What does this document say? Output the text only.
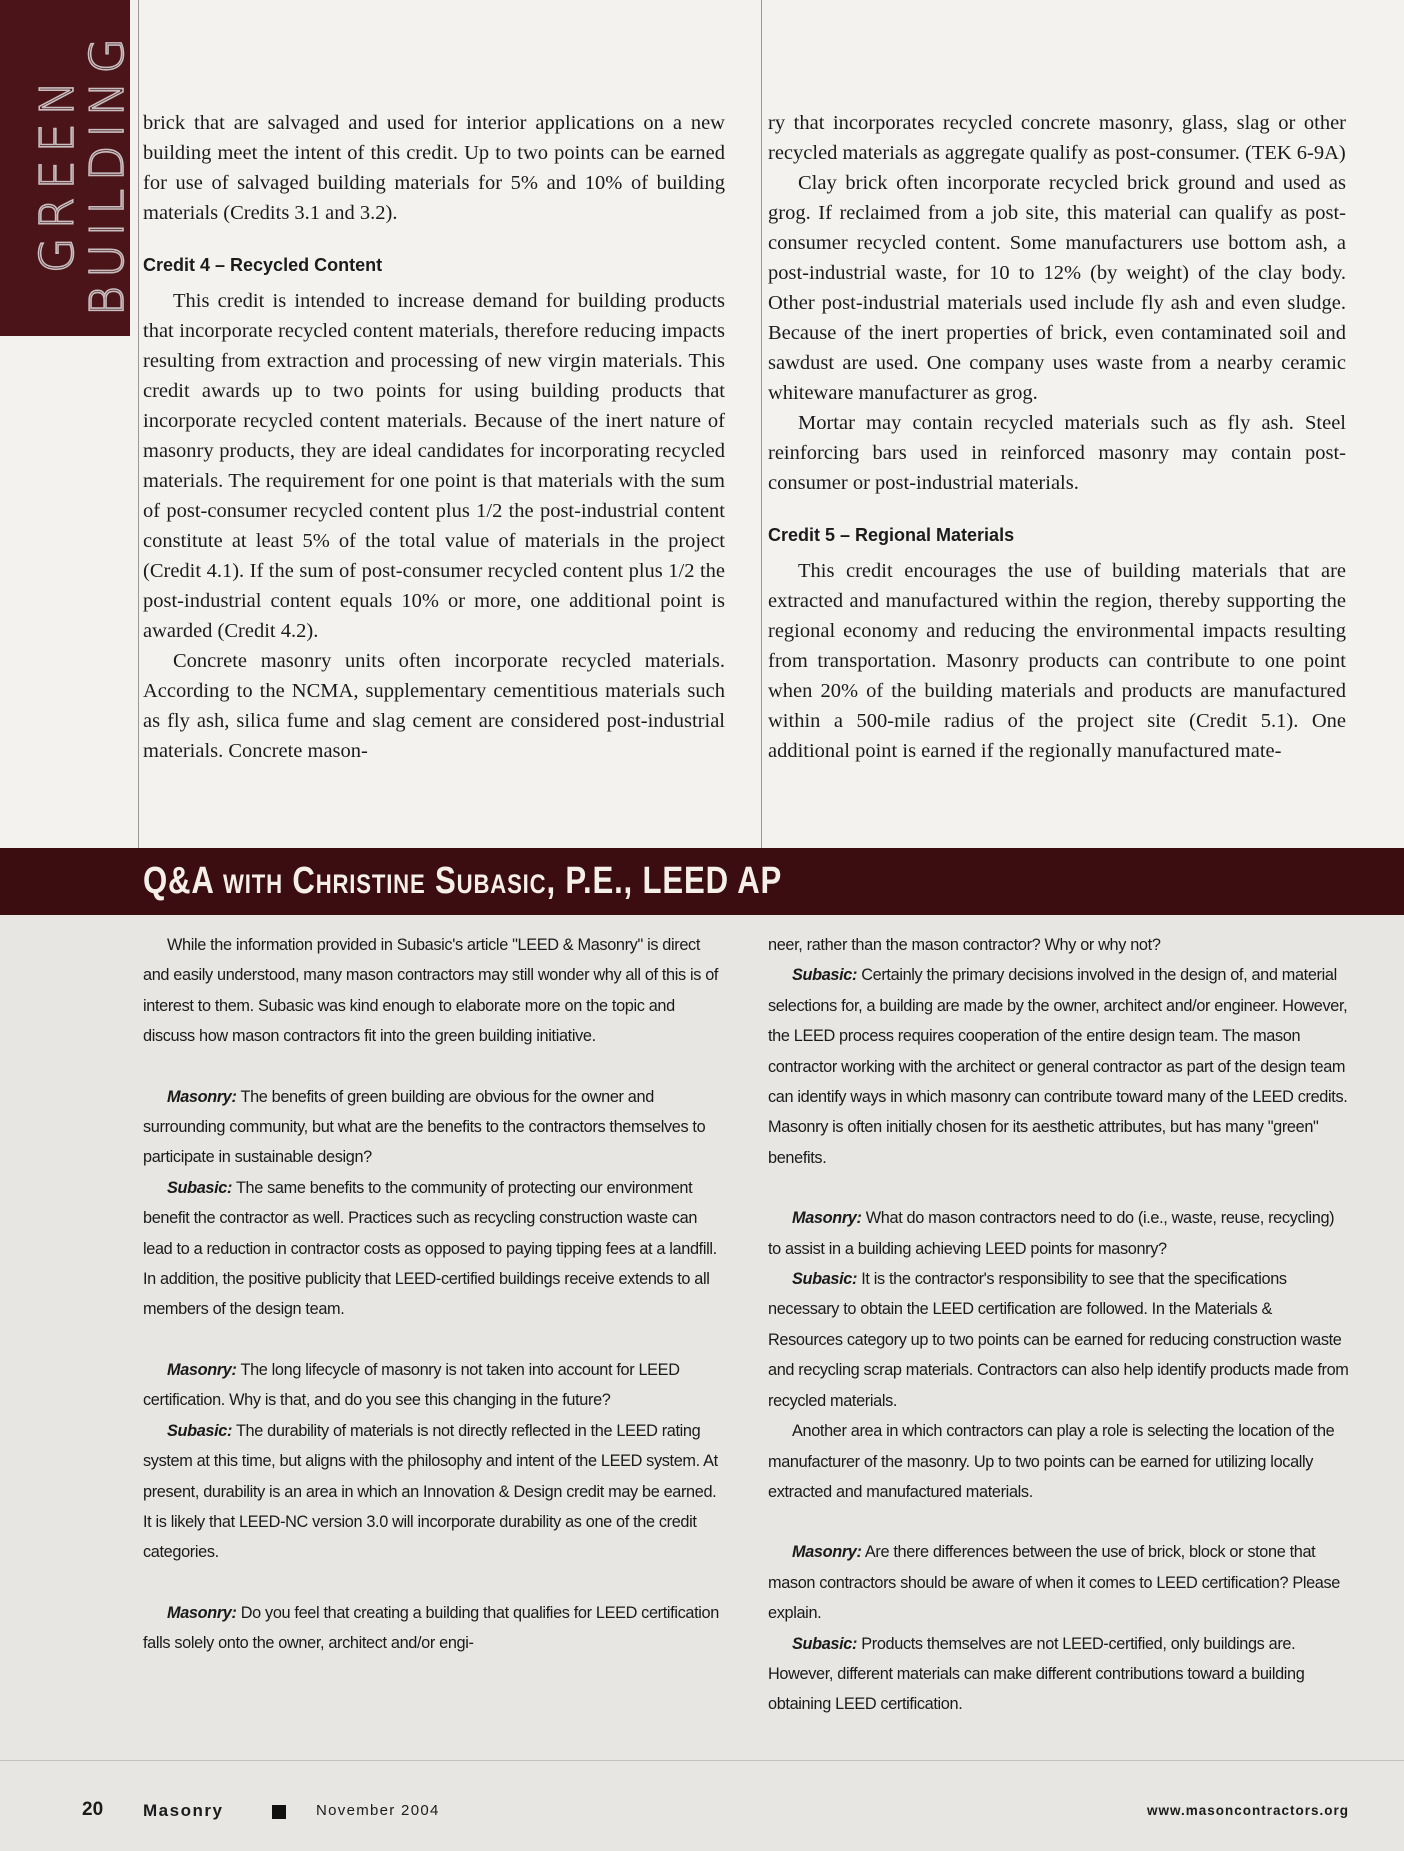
GREEN
BUILDING brick that are salvaged and used for interior applications on a new building meet the intent of this credit. Up to two points can be earned for use of salvaged building materials for 5% and 10% of building materials (Credits 3.1 and 3.2).

Credit 4 – Recycled Content

This credit is intended to increase demand for building products that incorporate recycled content materials, therefore reducing impacts resulting from extraction and processing of new virgin materials. This credit awards up to two points for using building products that incorporate recycled content materials. Because of the inert nature of masonry products, they are ideal candidates for incorporating recycled materials. The requirement for one point is that materials with the sum of post-consumer recycled content plus 1/2 the post-industrial content constitute at least 5% of the total value of materials in the project (Credit 4.1). If the sum of post-consumer recycled content plus 1/2 the post-industrial content equals 10% or more, one additional point is awarded (Credit 4.2).

Concrete masonry units often incorporate recycled materials. According to the NCMA, supplementary cementitious materials such as fly ash, silica fume and slag cement are considered post-industrial materials. Concrete mason-

ry that incorporates recycled concrete masonry, glass, slag or other recycled materials as aggregate qualify as post-consumer. (TEK 6-9A)

Clay brick often incorporate recycled brick ground and used as grog. If reclaimed from a job site, this material can qualify as post-consumer recycled content. Some manufacturers use bottom ash, a post-industrial waste, for 10 to 12% (by weight) of the clay body. Other post-industrial materials used include fly ash and even sludge. Because of the inert properties of brick, even contaminated soil and sawdust are used. One company uses waste from a nearby ceramic whiteware manufacturer as grog.

Mortar may contain recycled materials such as fly ash. Steel reinforcing bars used in reinforced masonry may contain post-consumer or post-industrial materials.

Credit 5 – Regional Materials

This credit encourages the use of building materials that are extracted and manufactured within the region, thereby supporting the regional economy and reducing the environmental impacts resulting from transportation. Masonry products can contribute to one point when 20% of the building materials and products are manufactured within a 500-mile radius of the project site (Credit 5.1). One additional point is earned if the regionally manufactured mate-

Q&A with Christine Subasic, P.E., LEED AP

While the information provided in Subasic's article "LEED & Masonry" is direct and easily understood, many mason contractors may still wonder why all of this is of interest to them. Subasic was kind enough to elaborate more on the topic and discuss how mason contractors fit into the green building initiative.

Masonry: The benefits of green building are obvious for the owner and surrounding community, but what are the benefits to the contractors themselves to participate in sustainable design?

Subasic: The same benefits to the community of protecting our environment benefit the contractor as well. Practices such as recycling construction waste can lead to a reduction in contractor costs as opposed to paying tipping fees at a landfill. In addition, the positive publicity that LEED-certified buildings receive extends to all members of the design team.

Masonry: The long lifecycle of masonry is not taken into account for LEED certification. Why is that, and do you see this changing in the future?

Subasic: The durability of materials is not directly reflected in the LEED rating system at this time, but aligns with the philosophy and intent of the LEED system. At present, durability is an area in which an Innovation & Design credit may be earned. It is likely that LEED-NC version 3.0 will incorporate durability as one of the credit categories.

Masonry: Do you feel that creating a building that qualifies for LEED certification falls solely onto the owner, architect and/or engi-

neer, rather than the mason contractor? Why or why not?

Subasic: Certainly the primary decisions involved in the design of, and material selections for, a building are made by the owner, architect and/or engineer. However, the LEED process requires cooperation of the entire design team. The mason contractor working with the architect or general contractor as part of the design team can identify ways in which masonry can contribute toward many of the LEED credits. Masonry is often initially chosen for its aesthetic attributes, but has many "green" benefits.

Masonry: What do mason contractors need to do (i.e., waste, reuse, recycling) to assist in a building achieving LEED points for masonry?

Subasic: It is the contractor's responsibility to see that the specifications necessary to obtain the LEED certification are followed. In the Materials & Resources category up to two points can be earned for reducing construction waste and recycling scrap materials. Contractors can also help identify products made from recycled materials.

Another area in which contractors can play a role is selecting the location of the manufacturer of the masonry. Up to two points can be earned for utilizing locally extracted and manufactured materials.

Masonry: Are there differences between the use of brick, block or stone that mason contractors should be aware of when it comes to LEED certification? Please explain.

Subasic: Products themselves are not LEED-certified, only buildings are. However, different materials can make different contributions toward a building obtaining LEED certification.

20 Masonry	November 2004	www.masoncontractors.org
